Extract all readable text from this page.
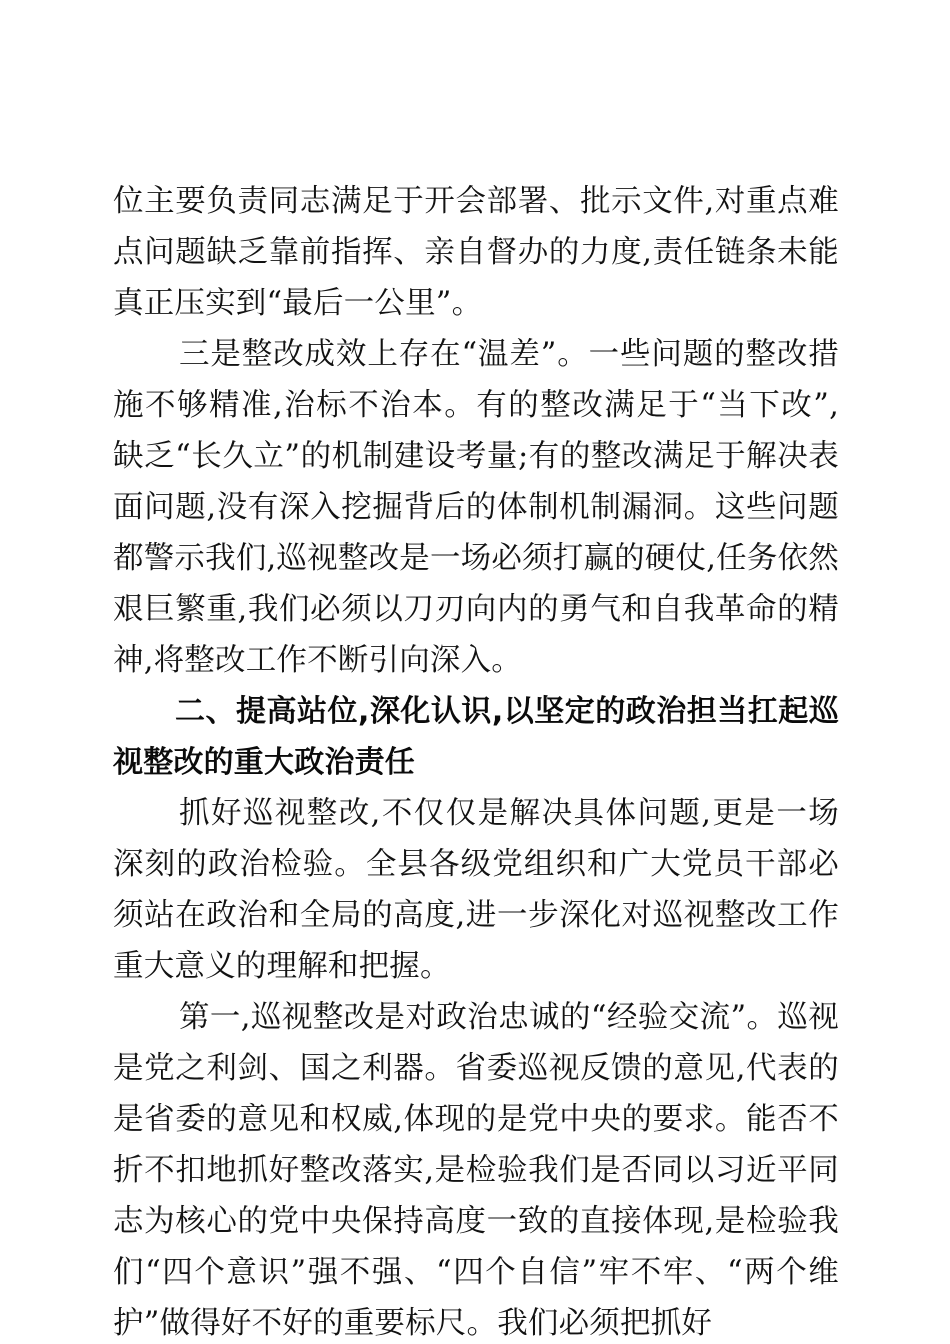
位主要负责同志满足于开会部署、批示文件,对重点难点问题缺乏靠前指挥、亲自督办的力度,责任链条未能真正压实到“最后一公里”。

三是整改成效上存在“温差”。一些问题的整改措施不够精准,治标不治本。有的整改满足于“当下改”,缺乏“长久立”的机制建设考量;有的整改满足于解决表面问题,没有深入挖掘背后的体制机制漏洞。这些问题都警示我们,巡视整改是一场必须打赢的硬仗,任务依然艰巨繁重,我们必须以刀刃向内的勇气和自我革命的精神,将整改工作不断引向深入。

二、提高站位,深化认识,以坚定的政治担当扛起巡视整改的重大政治责任

抓好巡视整改,不仅仅是解决具体问题,更是一场深刻的政治检验。全县各级党组织和广大党员干部必须站在政治和全局的高度,进一步深化对巡视整改工作重大意义的理解和把握。

第一,巡视整改是对政治忠诚的“经验交流”。巡视是党之利剑、国之利器。省委巡视反馈的意见,代表的是省委的意见和权威,体现的是党中央的要求。能否不折不扣地抓好整改落实,是检验我们是否同以习近平同志为核心的党中央保持高度一致的直接体现,是检验我们“四个意识”强不强、“四个自信”牢不牢、“两个维护”做得好不好的重要标尺。我们必须把抓好
